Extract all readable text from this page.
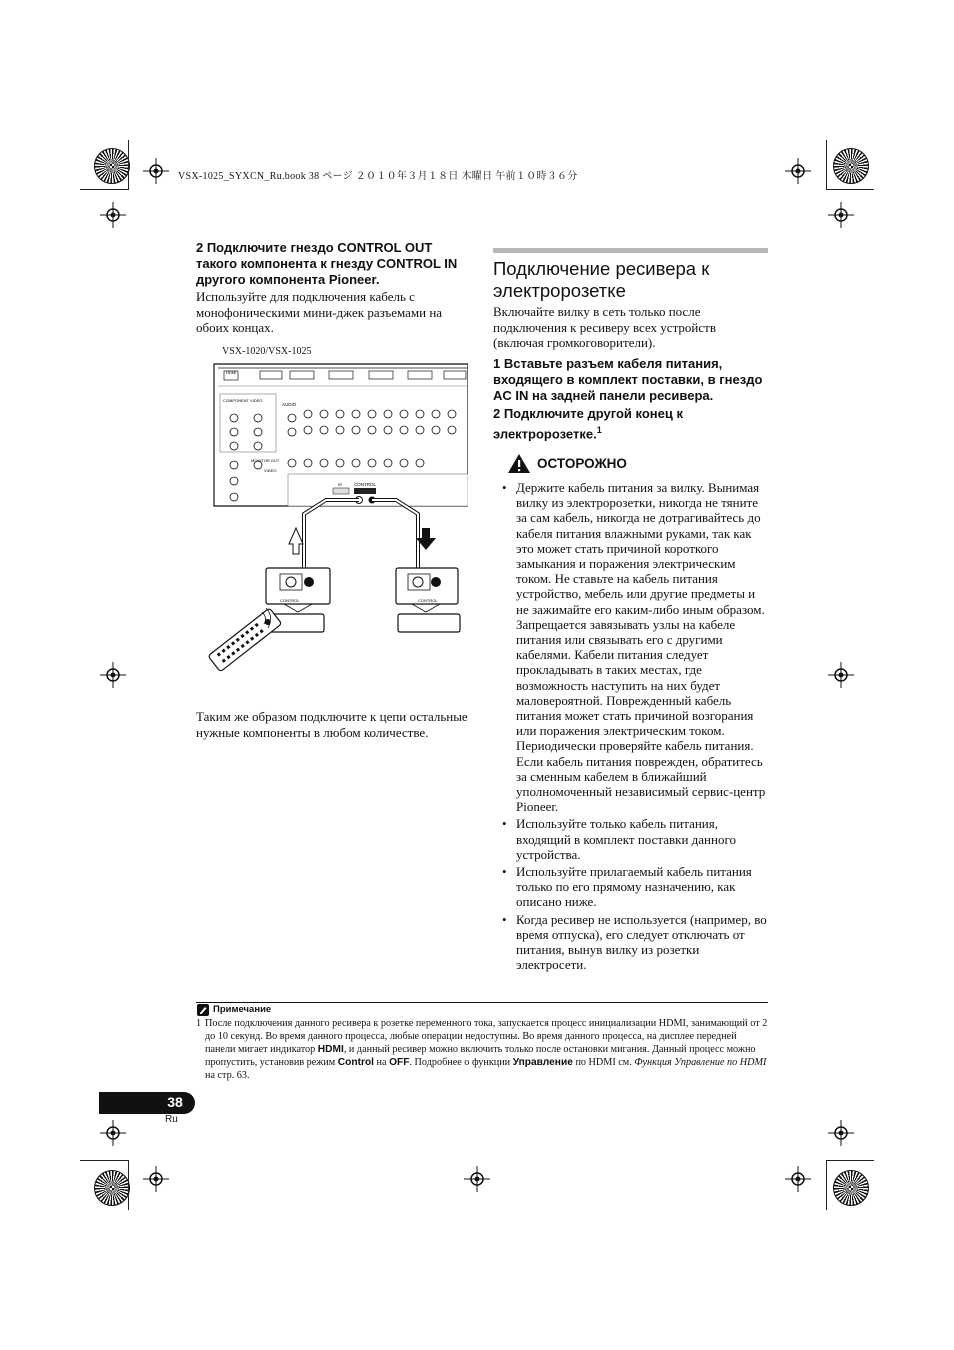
VSX-1025_SYXCN_Ru.book 38 ページ ２０１０年３月１８日 木曜日 午前１０時３６分
2 Подключите гнездо CONTROL OUT такого компонента к гнезду CONTROL IN другого компонента Pioneer.
Используйте для подключения кабель с монофоническими мини-джек разъемами на обоих концах.
VSX-1020/VSX-1025
HDMI
COMPONENT VIDEO
AUDIO
MONITOR OUT
VIDEO
CONTROL
IR
CONTROL	CONTROL
Таким же образом подключите к цепи остальные нужные компоненты в любом количестве.
Подключение ресивера к электророзетке
Включайте вилку в сеть только после подключения к ресиверу всех устройств (включая громкоговорители).
1 Вставьте разъем кабеля питания, входящего в комплект поставки, в гнездо AC IN на задней панели ресивера.
2 Подключите другой конец к электророзетке.$^1$
ОСТОРОЖНО
• Держите кабель питания за вилку. Вынимая вилку из электророзетки, никогда не тяните за сам кабель, никогда не дотрагивайтесь до кабеля питания влажными руками, так как это может стать причиной короткого замыкания и поражения электрическим током. Не ставьте на кабель питания устройство, мебель или другие предметы и не зажимайте его каким-либо иным образом. Запрещается завязывать узлы на кабеле питания или связывать его с другими кабелями. Кабели питания следует прокладывать в таких местах, где возможность наступить на них будет маловероятной. Поврежденный кабель питания может стать причиной возгорания или поражения электрическим током. Периодически проверяйте кабель питания. Если кабель питания поврежден, обратитесь за сменным кабелем в ближайший уполномоченный независимый сервис-центр Pioneer.
• Используйте только кабель питания, входящий в комплект поставки данного устройства.
• Используйте прилагаемый кабель питания только по его прямому назначению, как описано ниже.
• Когда ресивер не используется (например, во время отпуска), его следует отключать от питания, вынув вилку из розетки электросети.
Примечание
1 После подключения данного ресивера к розетке переменного тока, запускается процесс инициализации HDMI, занимающий от 2 до 10 секунд. Во время данного процесса, любые операции недоступны. Во время данного процесса, на дисплее передней панели мигает индикатор HDMI, и данный ресивер можно включить только после остановки мигания. Данный процесс можно пропустить, установив режим Control на OFF. Подробнее о функции Управление по HDMI см. Функция Управление по HDMI на стр. 63.
38
Ru
